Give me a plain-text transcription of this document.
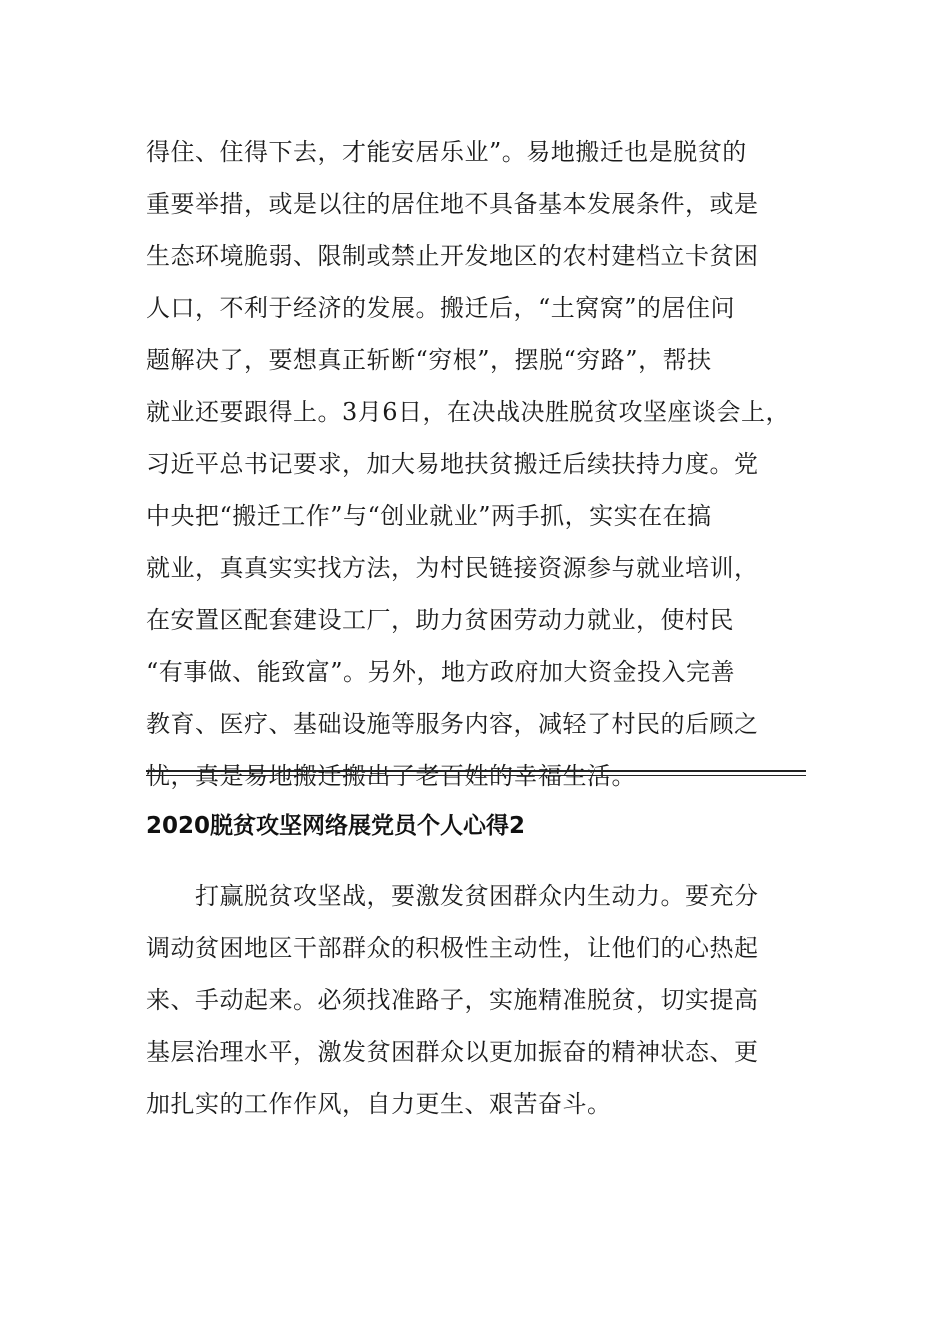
得住、住得下去，才能安居乐业”。易地搬迁也是脱贫的
重要举措，或是以往的居住地不具备基本发展条件，或是
生态环境脆弱、限制或禁止开发地区的农村建档立卡贫困
人口，不利于经济的发展。搬迁后，“土窝窝”的居住问
题解决了，要想真正斩断“穷根”，摆脱“穷路”，帮扶
就业还要跟得上。3月6日，在决战决胜脱贫攻坚座谈会上，
习近平总书记要求，加大易地扶贫搬迁后续扶持力度。党
中央把“搬迁工作”与“创业就业”两手抓，实实在在搞
就业，真真实实找方法，为村民链接资源参与就业培训，
在安置区配套建设工厂，助力贫困劳动力就业，使村民
“有事做、能致富”。另外，地方政府加大资金投入完善
教育、医疗、基础设施等服务内容，减轻了村民的后顾之
忧，真是易地搬迁搬出了老百姓的幸福生活。
2020脱贫攻坚网络展党员个人心得2
　　打赢脱贫攻坚战，要激发贫困群众内生动力。要充分
调动贫困地区干部群众的积极性主动性，让他们的心热起
来、手动起来。必须找准路子，实施精准脱贫，切实提高
基层治理水平，激发贫困群众以更加振奋的精神状态、更
加扎实的工作作风，自力更生、艰苦奋斗。
